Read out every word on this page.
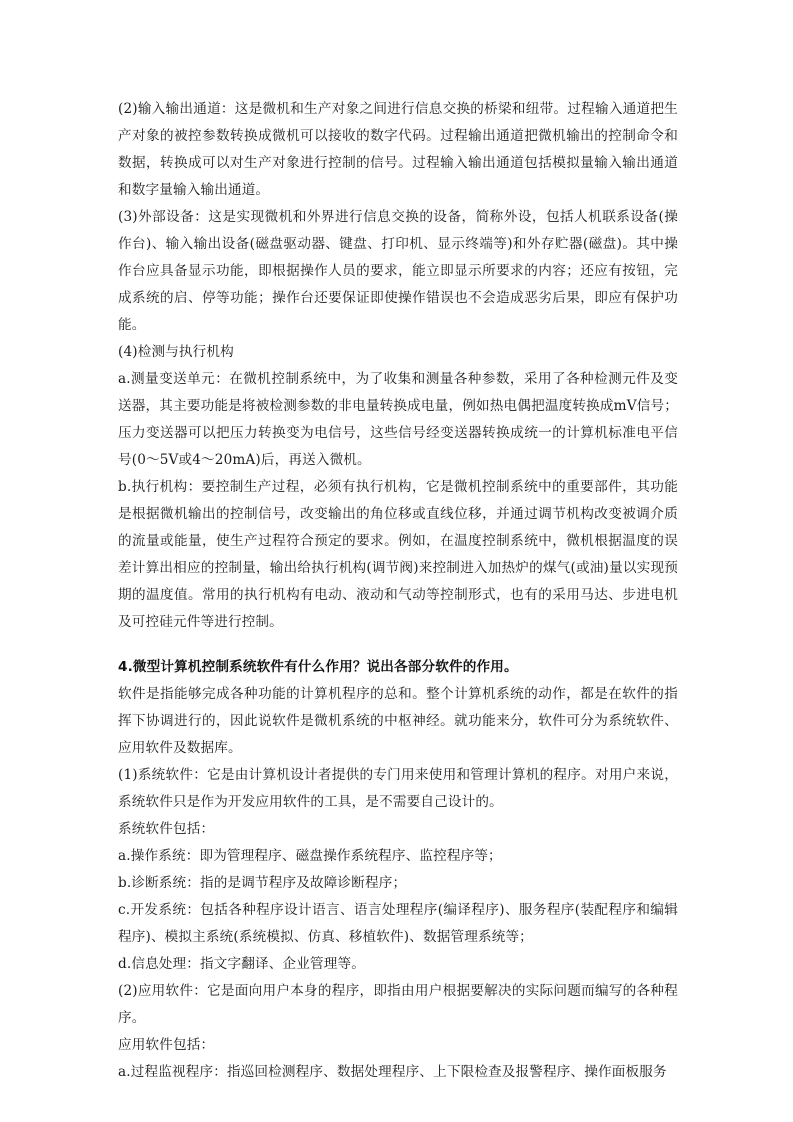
(2)输入输出通道：这是微机和生产对象之间进行信息交换的桥梁和纽带。过程输入通道把生产对象的被控参数转换成微机可以接收的数字代码。过程输出通道把微机输出的控制命令和数据，转换成可以对生产对象进行控制的信号。过程输入输出通道包括模拟量输入输出通道和数字量输入输出通道。

(3)外部设备：这是实现微机和外界进行信息交换的设备，简称外设，包括人机联系设备(操作台)、输入输出设备(磁盘驱动器、键盘、打印机、显示终端等)和外存贮器(磁盘)。其中操作台应具备显示功能，即根据操作人员的要求，能立即显示所要求的内容；还应有按钮，完成系统的启、停等功能；操作台还要保证即使操作错误也不会造成恶劣后果，即应有保护功能。

(4)检测与执行机构

a.测量变送单元：在微机控制系统中，为了收集和测量各种参数，采用了各种检测元件及变送器，其主要功能是将被检测参数的非电量转换成电量，例如热电偶把温度转换成mV信号；压力变送器可以把压力转换变为电信号，这些信号经变送器转换成统一的计算机标准电平信号(0～5V或4～20mA)后，再送入微机。

b.执行机构：要控制生产过程，必须有执行机构，它是微机控制系统中的重要部件，其功能是根据微机输出的控制信号，改变输出的角位移或直线位移，并通过调节机构改变被调介质的流量或能量，使生产过程符合预定的要求。例如，在温度控制系统中，微机根据温度的误差计算出相应的控制量，输出给执行机构(调节阀)来控制进入加热炉的煤气(或油)量以实现预期的温度值。常用的执行机构有电动、液动和气动等控制形式，也有的采用马达、步进电机及可控硅元件等进行控制。

4.微型计算机控制系统软件有什么作用？说出各部分软件的作用。

软件是指能够完成各种功能的计算机程序的总和。整个计算机系统的动作，都是在软件的指挥下协调进行的，因此说软件是微机系统的中枢神经。就功能来分，软件可分为系统软件、应用软件及数据库。

(1)系统软件：它是由计算机设计者提供的专门用来使用和管理计算机的程序。对用户来说，系统软件只是作为开发应用软件的工具，是不需要自己设计的。

系统软件包括：

a.操作系统：即为管理程序、磁盘操作系统程序、监控程序等；

b.诊断系统：指的是调节程序及故障诊断程序；

c.开发系统：包括各种程序设计语言、语言处理程序(编译程序)、服务程序(装配程序和编辑程序)、模拟主系统(系统模拟、仿真、移植软件)、数据管理系统等；

d.信息处理：指文字翻译、企业管理等。

(2)应用软件：它是面向用户本身的程序，即指由用户根据要解决的实际问题而编写的各种程序。

应用软件包括：

a.过程监视程序：指巡回检测程序、数据处理程序、上下限检查及报警程序、操作面板服务
